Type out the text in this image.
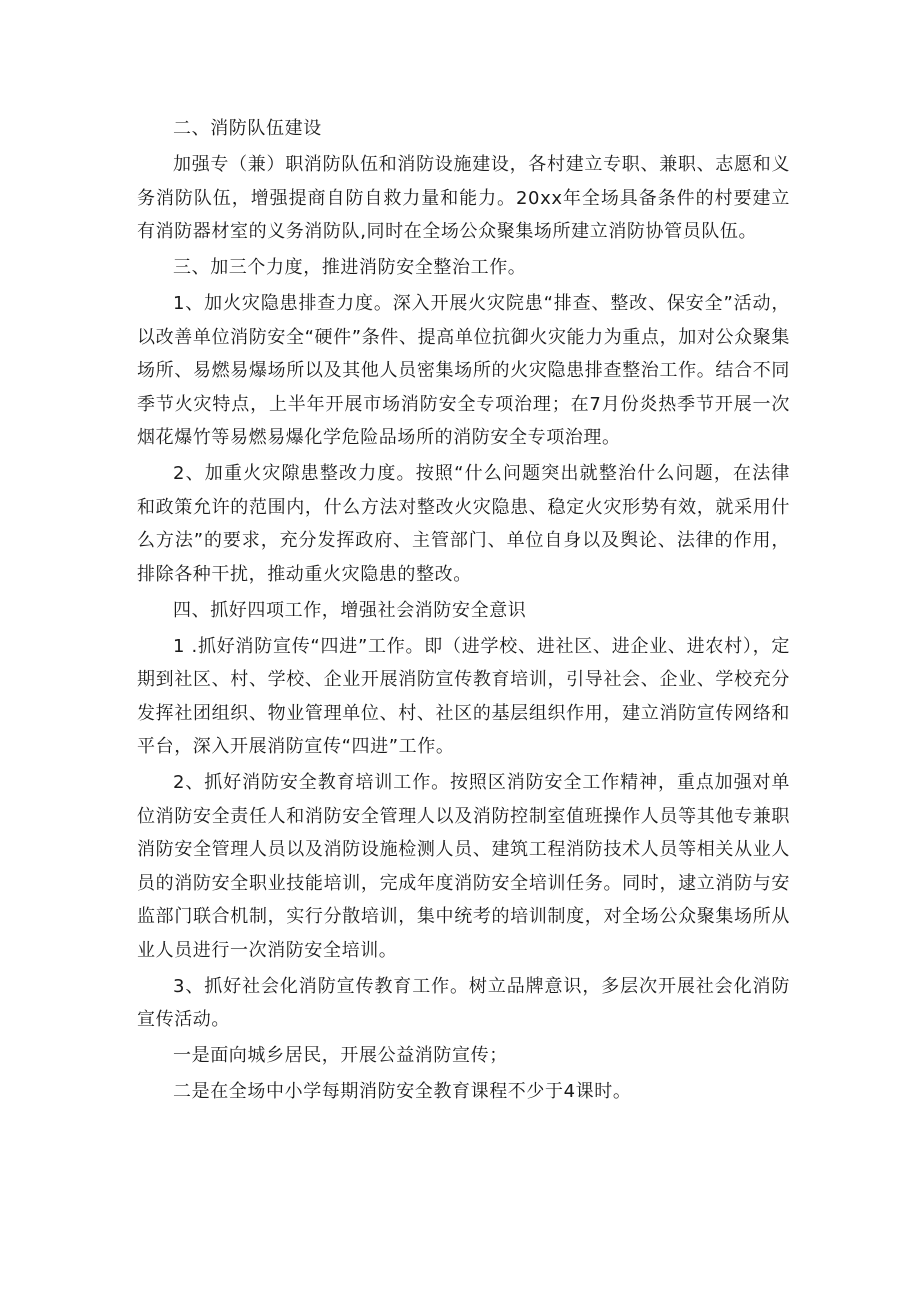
二、消防队伍建设

加强专（兼）职消防队伍和消防设施建设，各村建立专职、兼职、志愿和义务消防队伍，增强提商自防自救力量和能力。20xx年全场具备条件的村要建立有消防器材室的义务消防队,同时在全场公众聚集场所建立消防协管员队伍。

三、加三个力度，推进消防安全整治工作。

1、加火灾隐患排查力度。深入开展火灾院患“排查、整改、保安全”活动，以改善单位消防安全“硬件”条件、提高单位抗御火灾能力为重点，加对公众聚集场所、易燃易爆场所以及其他人员密集场所的火灾隐患排查整治工作。结合不同季节火灾特点，上半年开展市场消防安全专项治理；在7月份炎热季节开展一次烟花爆竹等易燃易爆化学危险品场所的消防安全专项治理。

2、加重火灾隙患整改力度。按照“什么问题突出就整治什么问题，在法律和政策允许的范围内，什么方法对整改火灾隐患、稳定火灾形势有效，就采用什么方法”的要求，充分发挥政府、主管部门、单位自身以及舆论、法律的作用，排除各种干扰，推动重火灾隐患的整改。

四、抓好四项工作，增强社会消防安全意识

1 .抓好消防宣传“四进”工作。即（进学校、进社区、进企业、进农村），定期到社区、村、学校、企业开展消防宣传教育培训，引导社会、企业、学校充分发挥社团组织、物业管理单位、村、社区的基层组织作用，建立消防宣传网络和平台，深入开展消防宣传“四进”工作。

2、抓好消防安全教育培训工作。按照区消防安全工作精神，重点加强对单位消防安全责任人和消防安全管理人以及消防控制室值班操作人员等其他专兼职消防安全管理人员以及消防设施检测人员、建筑工程消防技术人员等相关从业人员的消防安全职业技能培训，完成年度消防安全培训任务。同时，逮立消防与安监部门联合机制，实行分散培训，集中统考的培训制度，对全场公众聚集场所从业人员进行一次消防安全培训。

3、抓好社会化消防宣传教育工作。树立品牌意识，多层次开展社会化消防宣传活动。

一是面向城乡居民，开展公益消防宣传；

二是在全场中小学每期消防安全教育课程不少于4课时。
